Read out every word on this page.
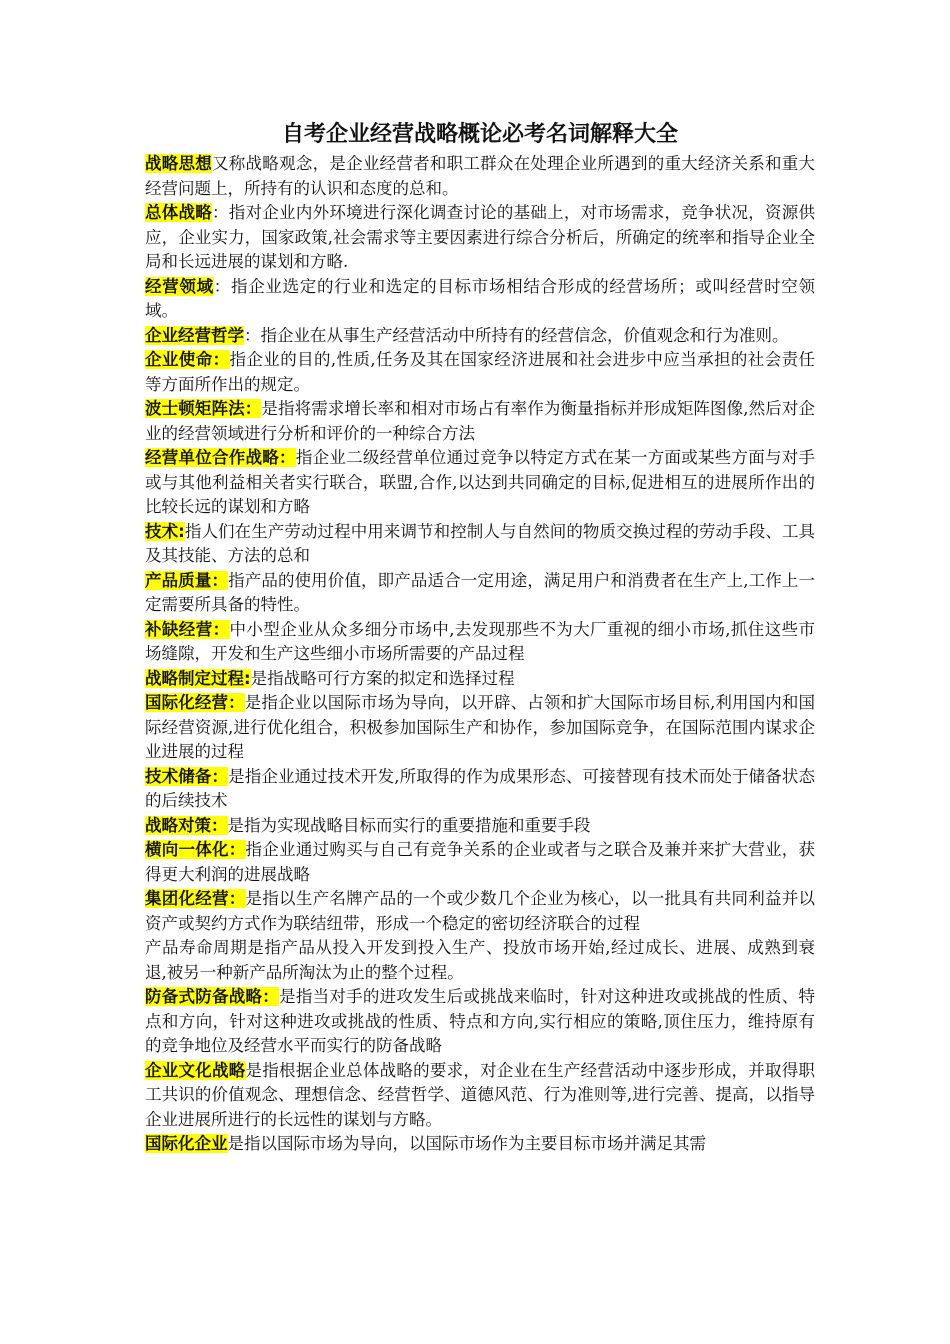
自考企业经营战略概论必考名词解释大全

战略思想又称战略观念，是企业经营者和职工群众在处理企业所遇到的重大经济关系和重大经营问题上，所持有的认识和态度的总和。

总体战略：指对企业内外环境进行深化调查讨论的基础上，对市场需求，竞争状况，资源供应，企业实力，国家政策,社会需求等主要因素进行综合分析后，所确定的统率和指导企业全局和长远进展的谋划和方略.

经营领域：指企业选定的行业和选定的目标市场相结合形成的经营场所；或叫经营时空领域。

企业经营哲学：指企业在从事生产经营活动中所持有的经营信念，价值观念和行为准则。

企业使命：指企业的目的,性质,任务及其在国家经济进展和社会进步中应当承担的社会责任等方面所作出的规定。

波士顿矩阵法：是指将需求增长率和相对市场占有率作为衡量指标并形成矩阵图像,然后对企业的经营领域进行分析和评价的一种综合方法

经营单位合作战略：指企业二级经营单位通过竞争以特定方式在某一方面或某些方面与对手或与其他利益相关者实行联合，联盟,合作,以达到共同确定的目标,促进相互的进展所作出的比较长远的谋划和方略

技术:指人们在生产劳动过程中用来调节和控制人与自然间的物质交换过程的劳动手段、工具及其技能、方法的总和

产品质量：指产品的使用价值，即产品适合一定用途，满足用户和消费者在生产上,工作上一定需要所具备的特性。

补缺经营：中小型企业从众多细分市场中,去发现那些不为大厂重视的细小市场,抓住这些市场缝隙，开发和生产这些细小市场所需要的产品过程

战略制定过程:是指战略可行方案的拟定和选择过程

国际化经营：是指企业以国际市场为导向，以开辟、占领和扩大国际市场目标,利用国内和国际经营资源,进行优化组合，积极参加国际生产和协作，参加国际竞争，在国际范围内谋求企业进展的过程

技术储备：是指企业通过技术开发,所取得的作为成果形态、可接替现有技术而处于储备状态的后续技术

战略对策：是指为实现战略目标而实行的重要措施和重要手段

横向一体化：指企业通过购买与自己有竞争关系的企业或者与之联合及兼并来扩大营业，获得更大利润的进展战略

集团化经营：是指以生产名牌产品的一个或少数几个企业为核心，以一批具有共同利益并以资产或契约方式作为联结纽带，形成一个稳定的密切经济联合的过程

产品寿命周期是指产品从投入开发到投入生产、投放市场开始,经过成长、进展、成熟到衰退,被另一种新产品所淘汰为止的整个过程。

防备式防备战略：是指当对手的进攻发生后或挑战来临时，针对这种进攻或挑战的性质、特点和方向，针对这种进攻或挑战的性质、特点和方向,实行相应的策略,顶住压力，维持原有的竞争地位及经营水平而实行的防备战略

企业文化战略是指根据企业总体战略的要求，对企业在生产经营活动中逐步形成，并取得职工共识的价值观念、理想信念、经营哲学、道德风范、行为准则等,进行完善、提高，以指导企业进展所进行的长远性的谋划与方略。

国际化企业是指以国际市场为导向，以国际市场作为主要目标市场并满足其需
